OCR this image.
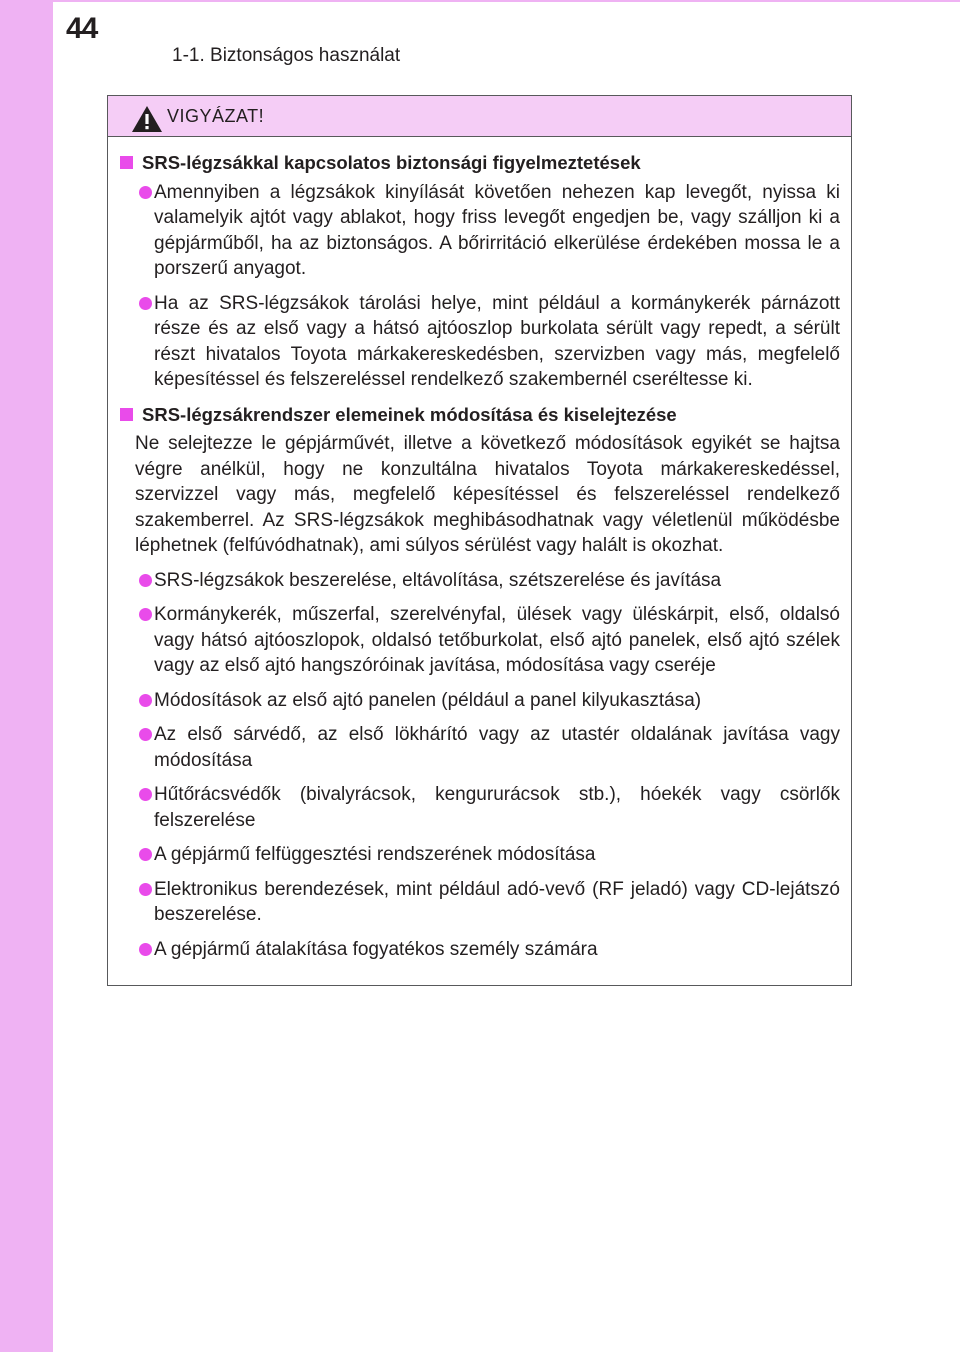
44
1-1. Biztonságos használat
VIGYÁZAT!
SRS-légzsákkal kapcsolatos biztonsági figyelmeztetések
Amennyiben a légzsákok kinyílását követően nehezen kap levegőt, nyissa ki valamelyik ajtót vagy ablakot, hogy friss levegőt engedjen be, vagy szálljon ki a gépjárműből, ha az biztonságos. A bőrirritáció elkerülése érdekében mossa le a porszerű anyagot.
Ha az SRS-légzsákok tárolási helye, mint például a kormánykerék párnázott része és az első vagy a hátsó ajtóoszlop burkolata sérült vagy repedt, a sérült részt hivatalos Toyota márkakereskedésben, szervizben vagy más, megfelelő képesítéssel és felszereléssel rendelkező szakembernél cseréltesse ki.
SRS-légzsákrendszer elemeinek módosítása és kiselejtezése
Ne selejtezze le gépjárművét, illetve a következő módosítások egyikét se hajtsa végre anélkül, hogy ne konzultálna hivatalos Toyota márkakereskedéssel, szervizzel vagy más, megfelelő képesítéssel és felszereléssel rendelkező szakemberrel. Az SRS-légzsákok meghibásodhatnak vagy véletlenül működésbe léphetnek (felfúvódhatnak), ami súlyos sérülést vagy halált is okozhat.
SRS-légzsákok beszerelése, eltávolítása, szétszerelése és javítása
Kormánykerék, műszerfal, szerelvényfal, ülések vagy üléskárpit, első, oldalsó vagy hátsó ajtóoszlopok, oldalsó tetőburkolat, első ajtó panelek, első ajtó szélek vagy az első ajtó hangszóróinak javítása, módosítása vagy cseréje
Módosítások az első ajtó panelen (például a panel kilyukasztása)
Az első sárvédő, az első lökhárító vagy az utastér oldalának javítása vagy módosítása
Hűtőrácsvédők (bivalyrácsok, kengururácsok stb.), hóekék vagy csörlők felszerelése
A gépjármű felfüggesztési rendszerének módosítása
Elektronikus berendezések, mint például adó-vevő (RF jeladó) vagy CD-lejátszó beszerelése.
A gépjármű átalakítása fogyatékos személy számára
